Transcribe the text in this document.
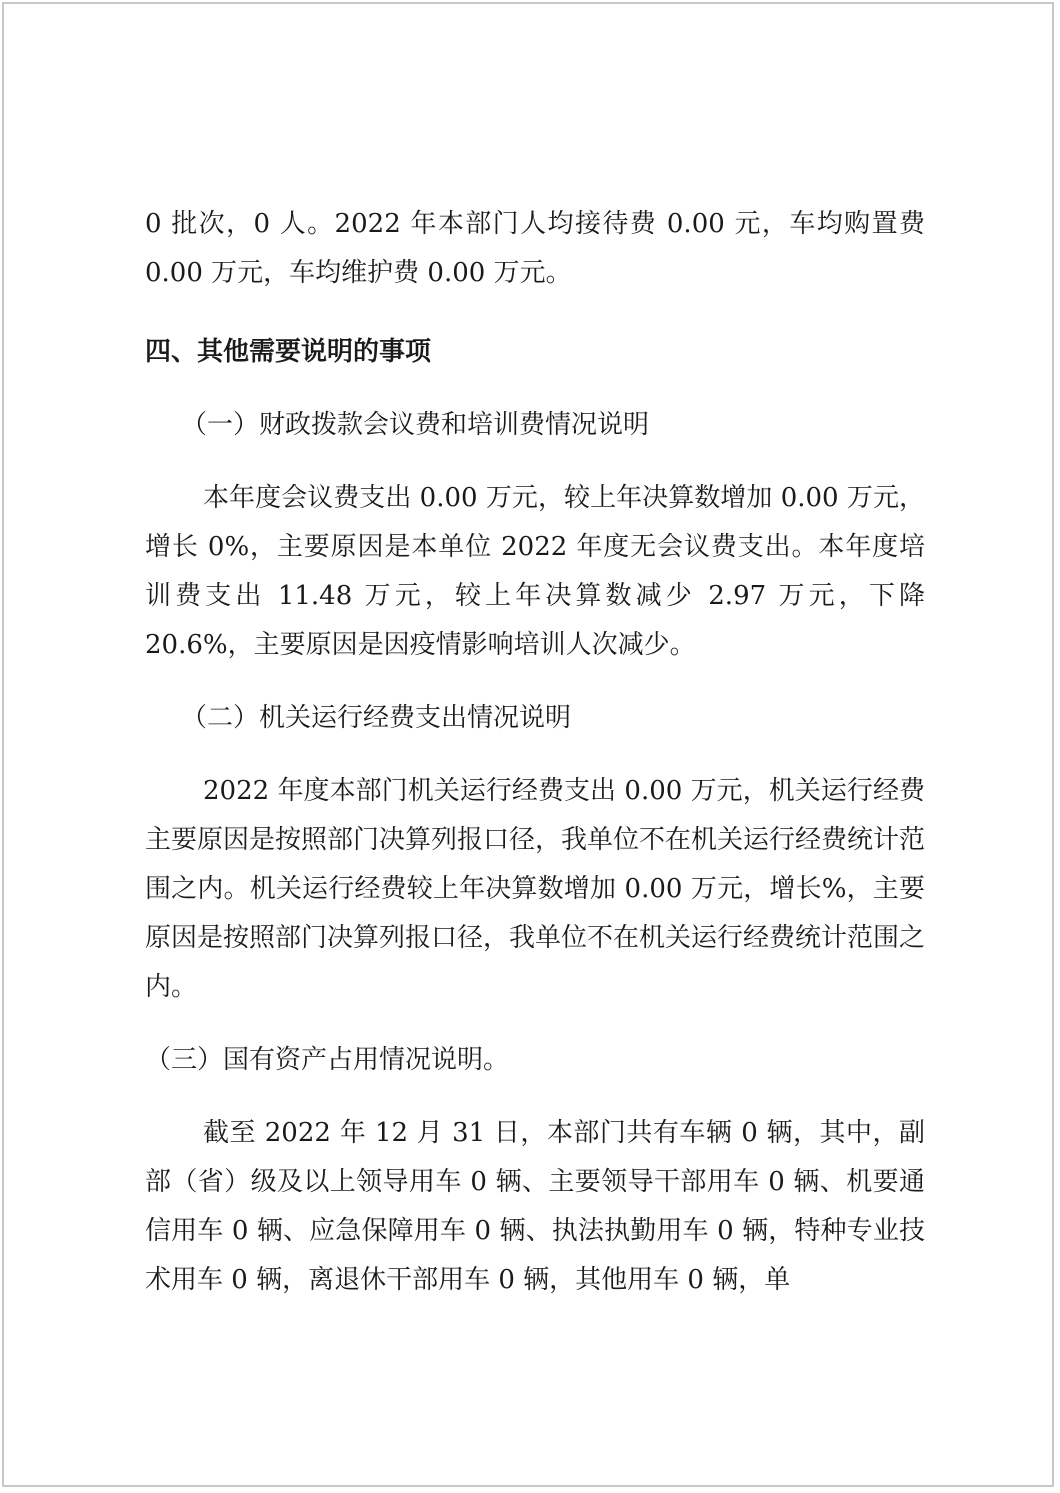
0 批次，0 人。2022 年本部门人均接待费 0.00 元，车均购置费 0.00 万元，车均维护费 0.00 万元。

四、其他需要说明的事项

（一）财政拨款会议费和培训费情况说明

本年度会议费支出 0.00 万元，较上年决算数增加 0.00 万元，增长 0%，主要原因是本单位 2022 年度无会议费支出。本年度培训费支出 11.48 万元，较上年决算数减少 2.97 万元，下降 20.6%，主要原因是因疫情影响培训人次减少。

（二）机关运行经费支出情况说明

2022 年度本部门机关运行经费支出 0.00 万元，机关运行经费主要原因是按照部门决算列报口径，我单位不在机关运行经费统计范围之内。机关运行经费较上年决算数增加 0.00 万元，增长%，主要原因是按照部门决算列报口径，我单位不在机关运行经费统计范围之内。

（三）国有资产占用情况说明。

截至 2022 年 12 月 31 日，本部门共有车辆 0 辆，其中，副部（省）级及以上领导用车 0 辆、主要领导干部用车 0 辆、机要通信用车 0 辆、应急保障用车 0 辆、执法执勤用车 0 辆，特种专业技术用车 0 辆，离退休干部用车 0 辆，其他用车 0 辆，单
